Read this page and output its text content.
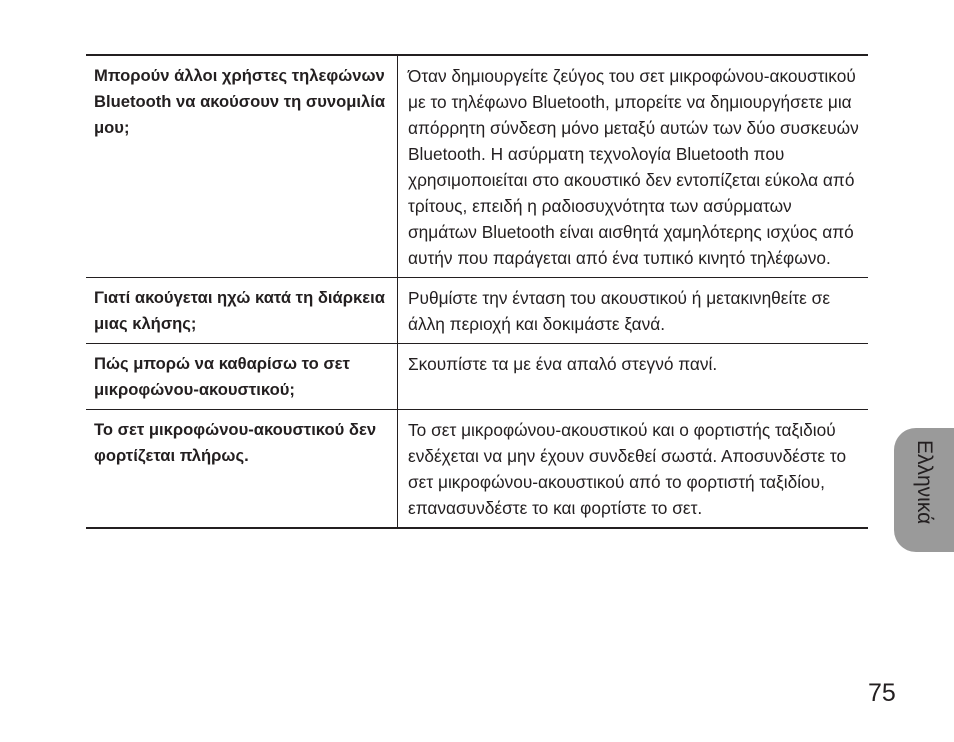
Μπορούν άλλοι χρήστες τηλεφώνων Bluetooth να ακούσουν τη συνομιλία μου;	Όταν δημιουργείτε ζεύγος του σετ μικροφώνου-ακουστικού με το τηλέφωνο Bluetooth, μπορείτε να δημιουργήσετε μια απόρρητη σύνδεση μόνο μεταξύ αυτών των δύο συσκευών Bluetooth. Η ασύρματη τεχνολογία Bluetooth που χρησιμοποιείται στο ακουστικό δεν εντοπίζεται εύκολα από τρίτους, επειδή η ραδιοσυχνότητα των ασύρματων σημάτων Bluetooth είναι αισθητά χαμηλότερης ισχύος από αυτήν που παράγεται από ένα τυπικό κινητό τηλέφωνο.
Γιατί ακούγεται ηχώ κατά τη διάρκεια μιας κλήσης;	Ρυθμίστε την ένταση του ακουστικού ή μετακινηθείτε σε άλλη περιοχή και δοκιμάστε ξανά.
Πώς μπορώ να καθαρίσω το σετ μικροφώνου-ακουστικού;	Σκουπίστε τα με ένα απαλό στεγνό πανί.
Το σετ μικροφώνου-ακουστικού δεν φορτίζεται πλήρως.	Το σετ μικροφώνου-ακουστικού και ο φορτιστής ταξιδιού ενδέχεται να μην έχουν συνδεθεί σωστά. Αποσυνδέστε το σετ μικροφώνου-ακουστικού από το φορτιστή ταξιδίου, επανασυνδέστε το και φορτίστε το σετ.	Ελληνικά
75
